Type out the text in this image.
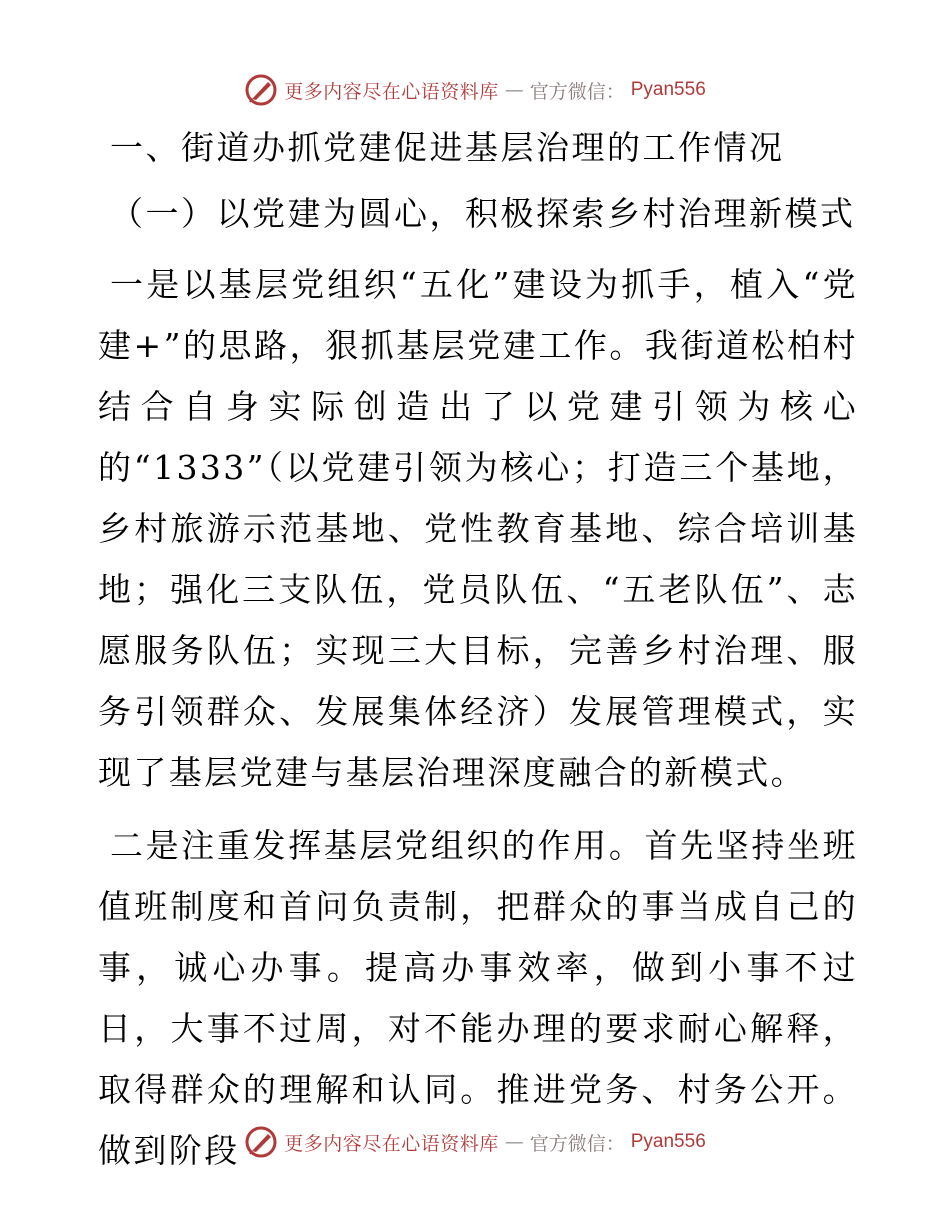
更多内容尽在心语资料库 — 官方微信： Pyan556
一、街道办抓党建促进基层治理的工作情况
（一）以党建为圆心，积极探索乡村治理新模式

一是以基层党组织“五化”建设为抓手，植入“党建+”的思路，狠抓基层党建工作。我街道松柏村结合自身实际创造出了以党建引领为核心的“1333”（以党建引领为核心；打造三个基地，乡村旅游示范基地、党性教育基地、综合培训基地；强化三支队伍，党员队伍、“五老队伍”、志愿服务队伍；实现三大目标，完善乡村治理、服务引领群众、发展集体经济）发展管理模式，实现了基层党建与基层治理深度融合的新模式。

二是注重发挥基层党组织的作用。首先坚持坐班值班制度和首问负责制，把群众的事当成自己的事，诚心办事。提高办事效率，做到小事不过日，大事不过周，对不能办理的要求耐心解释，取得群众的理解和认同。推进党务、村务公开。做到阶段	更多内容尽在心语资料库 — 官方微信： Pyan556
